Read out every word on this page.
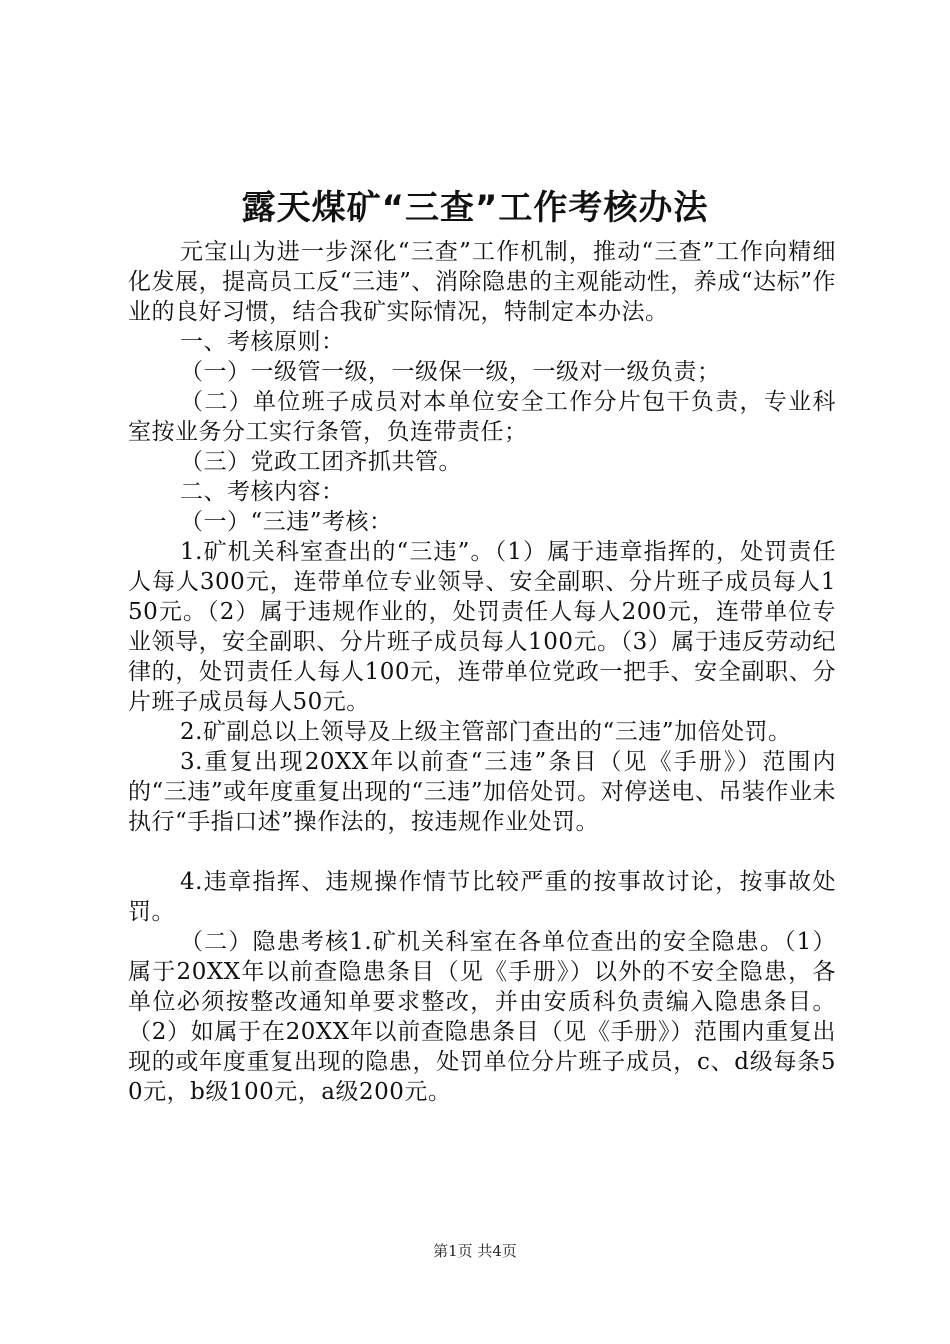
露天煤矿“三查”工作考核办法

元宝山为进一步深化“三查”工作机制，推动“三查”工作向精细化发展，提高员工反“三违”、消除隐患的主观能动性，养成“达标”作业的良好习惯，结合我矿实际情况，特制定本办法。

一、考核原则：

（一）一级管一级，一级保一级，一级对一级负责；

（二）单位班子成员对本单位安全工作分片包干负责，专业科室按业务分工实行条管，负连带责任；

（三）党政工团齐抓共管。

二、考核内容：

（一）“三违”考核：

1.矿机关科室查出的“三违”。（1）属于违章指挥的，处罚责任人每人300元，连带单位专业领导、安全副职、分片班子成员每人150元。（2）属于违规作业的，处罚责任人每人200元，连带单位专业领导，安全副职、分片班子成员每人100元。（3）属于违反劳动纪律的，处罚责任人每人100元，连带单位党政一把手、安全副职、分片班子成员每人50元。

2.矿副总以上领导及上级主管部门查出的“三违”加倍处罚。

3.重复出现20XX年以前查“三违”条目（见《手册》）范围内的“三违”或年度重复出现的“三违”加倍处罚。对停送电、吊装作业未执行“手指口述”操作法的，按违规作业处罚。

4.违章指挥、违规操作情节比较严重的按事故讨论，按事故处罚。

（二）隐患考核1.矿机关科室在各单位查出的安全隐患。（1）属于20XX年以前查隐患条目（见《手册》）以外的不安全隐患，各单位必须按整改通知单要求整改，并由安质科负责编入隐患条目。（2）如属于在20XX年以前查隐患条目（见《手册》）范围内重复出现的或年度重复出现的隐患，处罚单位分片班子成员，c、d级每条50元，b级100元，a级200元。

第1页 共4页
